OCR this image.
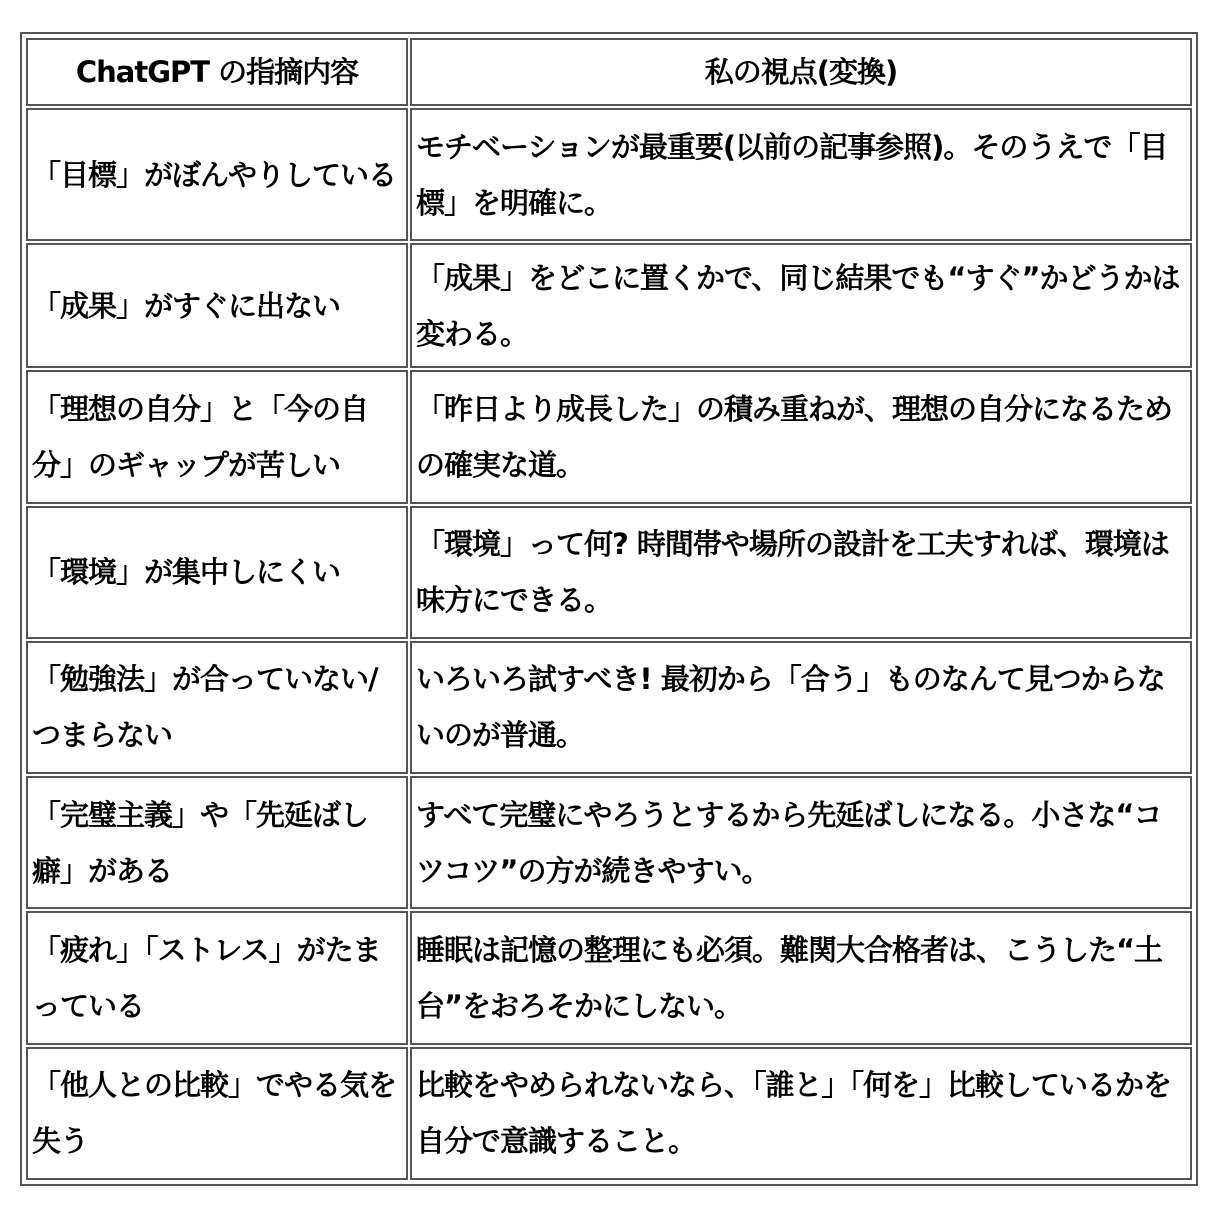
ChatGPT の指摘内容	私の視点(変換)
「目標」がぼんやりしている	モチベーションが最重要(以前の記事参照)。そのうえで「目標」を明確に。
「成果」がすぐに出ない	「成果」をどこに置くかで、同じ結果でも“すぐ”かどうかは変わる。
「理想の自分」と「今の自分」のギャップが苦しい	「昨日より成長した」の積み重ねが、理想の自分になるための確実な道。
「環境」が集中しにくい	「環境」って何? 時間帯や場所の設計を工夫すれば、環境は味方にできる。
「勉強法」が合っていない/つまらない	いろいろ試すべき! 最初から「合う」ものなんて見つからないのが普通。
「完璧主義」や「先延ばし癖」がある	すべて完璧にやろうとするから先延ばしになる。小さな“コツコツ”の方が続きやすい。
「疲れ」「ストレス」がたまっている	睡眠は記憶の整理にも必須。難関大合格者は、こうした“土台”をおろそかにしない。
「他人との比較」でやる気を失う	比較をやめられないなら、「誰と」「何を」比較しているかを自分で意識すること。
